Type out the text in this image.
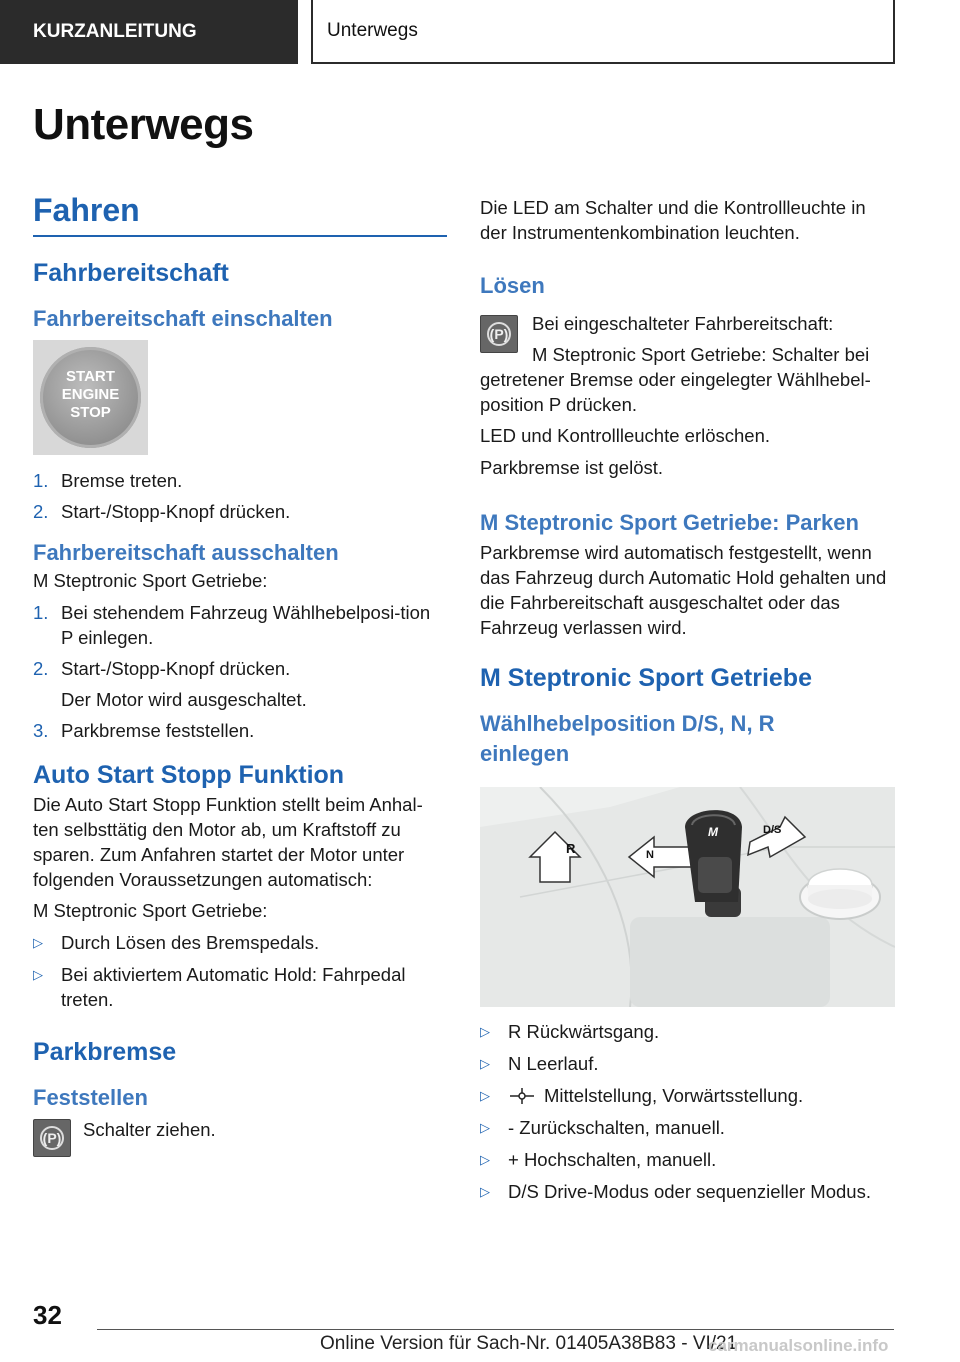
KURZANLEITUNG	Unterwegs
Unterwegs
Fahren
Fahrbereitschaft
Fahrbereitschaft einschalten
START
ENGINE
STOP
1. Bremse treten.
2. Start-/Stopp-Knopf drücken.
Fahrbereitschaft ausschalten
M Steptronic Sport Getriebe:
1. Bei stehendem Fahrzeug Wählhebelposi‐tion P einlegen.
2. Start-/Stopp-Knopf drücken.
Der Motor wird ausgeschaltet.
3. Parkbremse feststellen.
Auto Start Stopp Funktion
Die Auto Start Stopp Funktion stellt beim Anhal‐ten selbsttätig den Motor ab, um Kraftstoff zu sparen. Zum Anfahren startet der Motor unter folgenden Voraussetzungen automatisch:
M Steptronic Sport Getriebe:
▷ Durch Lösen des Bremspedals.
▷ Bei aktiviertem Automatic Hold: Fahrpedal treten.
Parkbremse
Feststellen
(P)	Schalter ziehen.
Die LED am Schalter und die Kontrollleuchte in der Instrumentenkombination leuchten.
Lösen
(P)	Bei eingeschalteter Fahrbereitschaft:
M Steptronic Sport Getriebe: Schalter bei getretener Bremse oder eingelegter Wählhebel‐position P drücken.
LED und Kontrollleuchte erlöschen.
Parkbremse ist gelöst.
M Steptronic Sport Getriebe: Parken
Parkbremse wird automatisch festgestellt, wenn das Fahrzeug durch Automatic Hold gehalten und die Fahrbereitschaft ausgeschaltet oder das Fahrzeug verlassen wird.
M Steptronic Sport Getriebe
Wählhebelposition D/S, N, R
einlegen
R	N
D/S
M
▷ R Rückwärtsgang.
▷ N Leerlauf.
▷	Mittelstellung, Vorwärtsstellung.
▷ - Zurückschalten, manuell.
▷ + Hochschalten, manuell.
▷ D/S Drive-Modus oder sequenzieller Modus.
32
Online Version für Sach-Nr. 01405A38B83 - VI/21
carmanualsonline.info
